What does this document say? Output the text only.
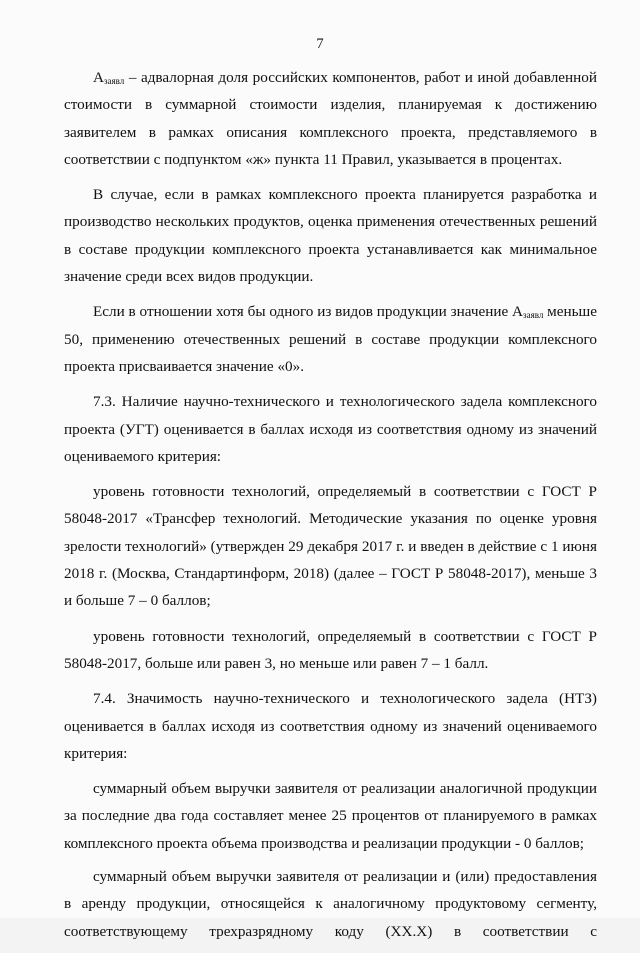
7

$A_{заявл}$ – адвалорная доля российских компонентов, работ и иной добавленной стоимости в суммарной стоимости изделия, планируемая к достижению заявителем в рамках описания комплексного проекта, представляемого в соответствии с подпунктом «ж» пункта 11 Правил, указывается в процентах.

В случае, если в рамках комплексного проекта планируется разработка и производство нескольких продуктов, оценка применения отечественных решений в составе продукции комплексного проекта устанавливается как минимальное значение среди всех видов продукции.

Если в отношении хотя бы одного из видов продукции значение $A_{заявл}$ меньше 50, применению отечественных решений в составе продукции комплексного проекта присваивается значение «0».

7.3. Наличие научно-технического и технологического задела комплексного проекта (УГТ) оценивается в баллах исходя из соответствия одному из значений оцениваемого критерия:

уровень готовности технологий, определяемый в соответствии с ГОСТ Р 58048-2017 «Трансфер технологий. Методические указания по оценке уровня зрелости технологий» (утвержден 29 декабря 2017 г. и введен в действие с 1 июня 2018 г. (Москва, Стандартинформ, 2018) (далее – ГОСТ Р 58048-2017), меньше 3 и больше 7 – 0 баллов;

уровень готовности технологий, определяемый в соответствии с ГОСТ Р 58048-2017, больше или равен 3, но меньше или равен 7 – 1 балл.

7.4. Значимость научно-технического и технологического задела (НТЗ) оценивается в баллах исходя из соответствия одному из значений оцениваемого критерия:

суммарный объем выручки заявителя от реализации аналогичной продукции за последние два года составляет менее 25 процентов от планируемого в рамках комплексного проекта объема производства и реализации продукции - 0 баллов;

суммарный объем выручки заявителя от реализации и (или) предоставления в аренду продукции, относящейся к аналогичному продуктовому сегменту, соответствующему трехразрядному коду (XX.X) в соответствии с
